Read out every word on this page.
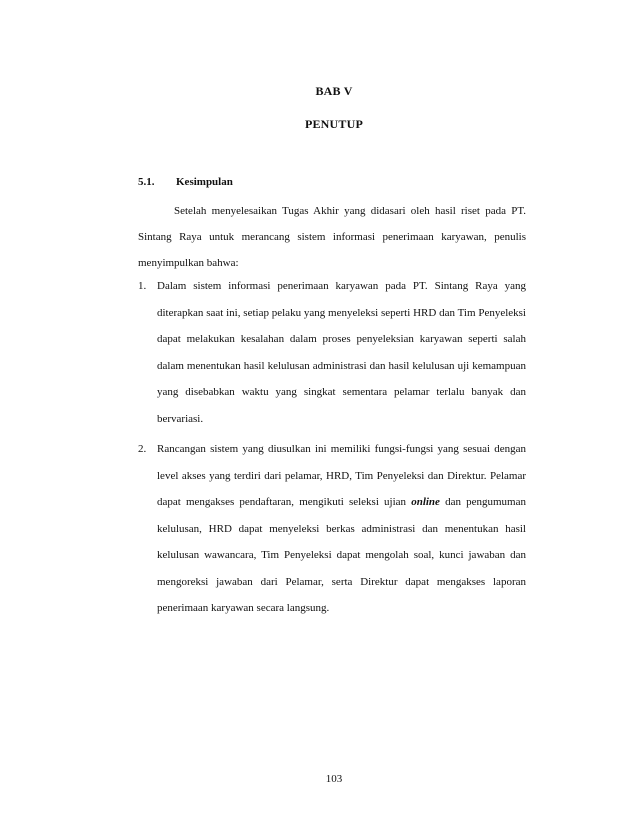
BAB V
PENUTUP
5.1. Kesimpulan

Setelah menyelesaikan Tugas Akhir yang didasari oleh hasil riset pada PT. Sintang Raya untuk merancang sistem informasi penerimaan karyawan, penulis menyimpulkan bahwa:

1. Dalam sistem informasi penerimaan karyawan pada PT. Sintang Raya yang diterapkan saat ini, setiap pelaku yang menyeleksi seperti HRD dan Tim Penyeleksi dapat melakukan kesalahan dalam proses penyeleksian karyawan seperti salah dalam menentukan hasil kelulusan administrasi dan hasil kelulusan uji kemampuan yang disebabkan waktu yang singkat sementara pelamar terlalu banyak dan bervariasi.
2. Rancangan sistem yang diusulkan ini memiliki fungsi-fungsi yang sesuai dengan level akses yang terdiri dari pelamar, HRD, Tim Penyeleksi dan Direktur. Pelamar dapat mengakses pendaftaran, mengikuti seleksi ujian online dan pengumuman kelulusan, HRD dapat menyeleksi berkas administrasi dan menentukan hasil kelulusan wawancara, Tim Penyeleksi dapat mengolah soal, kunci jawaban dan mengoreksi jawaban dari Pelamar, serta Direktur dapat mengakses laporan penerimaan karyawan secara langsung.
103
